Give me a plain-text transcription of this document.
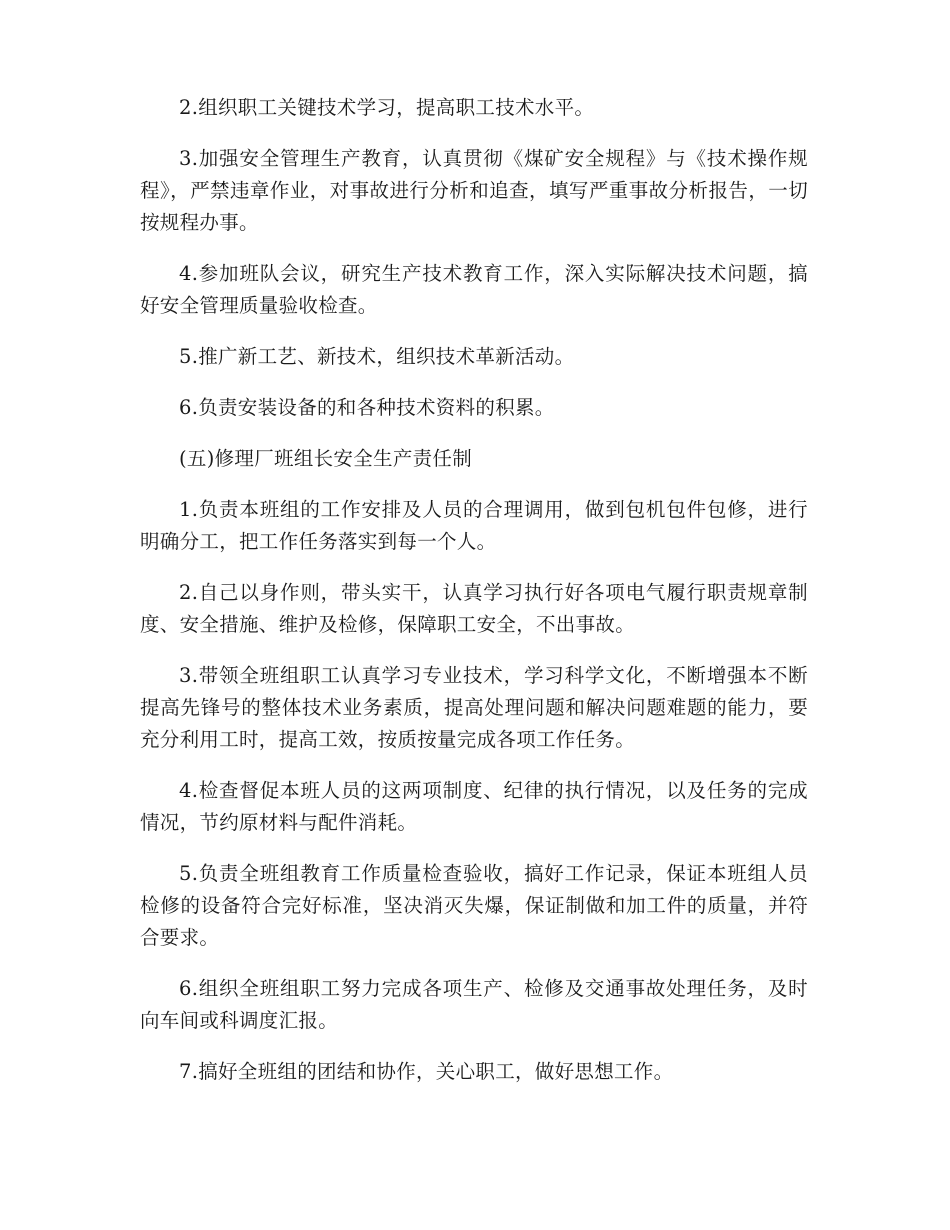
2.组织职工关键技术学习，提高职工技术水平。

3.加强安全管理生产教育，认真贯彻《煤矿安全规程》与《技术操作规程》，严禁违章作业，对事故进行分析和追查，填写严重事故分析报告，一切按规程办事。

4.参加班队会议，研究生产技术教育工作，深入实际解决技术问题，搞好安全管理质量验收检查。

5.推广新工艺、新技术，组织技术革新活动。

6.负责安装设备的和各种技术资料的积累。

(五)修理厂班组长安全生产责任制

1.负责本班组的工作安排及人员的合理调用，做到包机包件包修，进行明确分工，把工作任务落实到每一个人。

2.自己以身作则，带头实干，认真学习执行好各项电气履行职责规章制度、安全措施、维护及检修，保障职工安全，不出事故。

3.带领全班组职工认真学习专业技术，学习科学文化，不断增强本不断提高先锋号的整体技术业务素质，提高处理问题和解决问题难题的能力，要充分利用工时，提高工效，按质按量完成各项工作任务。

4.检查督促本班人员的这两项制度、纪律的执行情况，以及任务的完成情况，节约原材料与配件消耗。

5.负责全班组教育工作质量检查验收，搞好工作记录，保证本班组人员检修的设备符合完好标准，坚决消灭失爆，保证制做和加工件的质量，并符合要求。

6.组织全班组职工努力完成各项生产、检修及交通事故处理任务，及时向车间或科调度汇报。

7.搞好全班组的团结和协作，关心职工，做好思想工作。
